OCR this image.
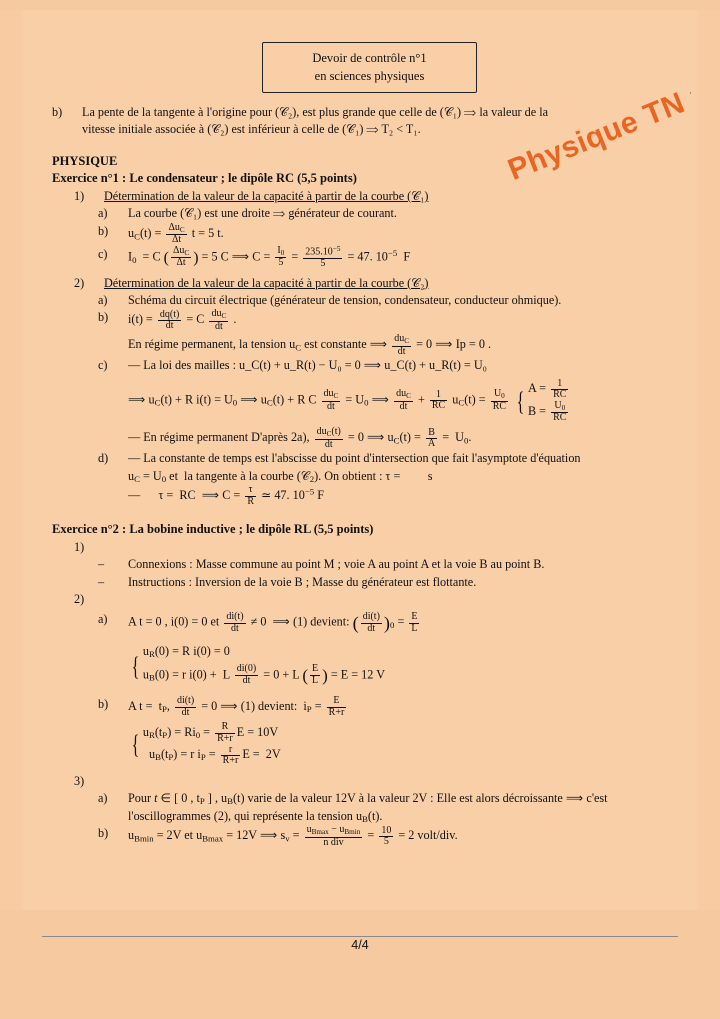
·
Devoir de contrôle n°1
en sciences physiques
Physique TN
b)	La pente de la tangente à l'origine pour (𝒞₂), est plus grande que celle de (𝒞₁) ⟹ la valeur de la
vitesse initiale associée à (𝒞₂) est inférieur à celle de (𝒞₁) ⟹ T₂ < T₁.
PHYSIQUE
Exercice n°1 : Le condensateur ; le dipôle RC (5,5 points)
1)	Détermination de la valeur de la capacité à partir de la courbe (𝒞₁)
a)	La courbe (𝒞₁) est une droite ⟹ générateur de courant.
b)	$u_C(t) = \frac{\Delta u_C}{\Delta t}$ t = 5 t.
c)	$I_0 = C$ ( $\frac{\Delta u_C}{\Delta t}$ ) = 5 C ⟹ $C = \frac{I_0}{5} = \frac{235.10^{-5}}{5} = 47$. $10^{-5}$  F
2)	Détermination de la valeur de la capacité à partir de la courbe (𝒞₂)
a)	Schéma du circuit électrique (générateur de tension, condensateur, conducteur ohmique).
b)	$i(t) = \frac{dq(t)}{dt} = C \frac{du_C}{dt}$ .
En régime permanent, la tension $u_C$ est constante ⟹ $\frac{du_C}{dt} = 0$ ⟹ Ip = 0 .
c)	— La loi des mailles : u_C(t) + u_R(t) − U₀ = 0 ⟹ u_C(t) + u_R(t) = U₀
⟹ $u_C(t) + R$ $i(t) = U_0$ ⟹ $u_C(t) + R$ C $\frac{du_C}{dt} = U_0$ ⟹ $\frac{du_C}{dt} + \frac{1}{RC} u_C(t) = \frac{U_0}{RC}$
{ $A = \frac{1}{RC}$
$B = \frac{U_0}{RC}$
— En régime permanent D'après 2a), $\frac{du_C(t)}{dt} = 0$ ⟹ $u_C(t) = \frac{B}{A} = U_0$.
d)	— La constante de temps est l'abscisse du point d'intersection que fait l'asymptote d'équation
$u_C = U_0$ et  la tangente à la courbe (𝒞$_2$). On obtient : τ =         s
—      τ =  RC  ⟹ $C = \frac{\tau}{R}$ ≃ 47. $10^{-5}$ F
Exercice n°2 : La bobine inductive ; le dipôle RL (5,5 points)
1)
–	Connexions : Masse commune au point M ; voie A au point A et la voie B au point B.
–	Instructions : Inversion de la voie B ; Masse du générateur est flottante.
2)
a)	A t = 0 , i(0) = 0 et $\frac{di(t)}{dt} \ne 0$  ⟹ (1) devient: ( $\frac{di(t)}{dt} )_0 = \frac{E}{L}$
{ $u_R(0) = R$ i(0) = 0
$u_B(0) = r$ i(0) +  L $\frac{di(0)}{dt} = 0 + L$ ( $\frac{E}{L}$ ) = E = 12 V
b)	A $t = t_P$, $\frac{di(t)}{dt} = 0$ ⟹ (1) devient:  $i_P = \frac{E}{R+r}$
{ $u_R(t_P) = Ri_0 = \frac{R}{R+r}$ E = 10V
$u_B(t_P) = r$ $i_P = \frac{r}{R+r}$ E =  2V
3)
a)	Pour t ∈ [ 0 , $t_P$ ] , $u_B(t)$ varie de la valeur 12V à la valeur 2V : Elle est alors décroissante ⟹ c'est
l'oscillogrammes (2), qui représente la tension $u_B(t)$.
b)	$u_{Bmin} = 2V$ et $u_{Bmax} = 12V$ ⟹ $s_v = \frac{u_{Bmax} - u_{Bmin}}{\text{n div}} = \frac{10}{5} = 2$ volt/div.
4/4
